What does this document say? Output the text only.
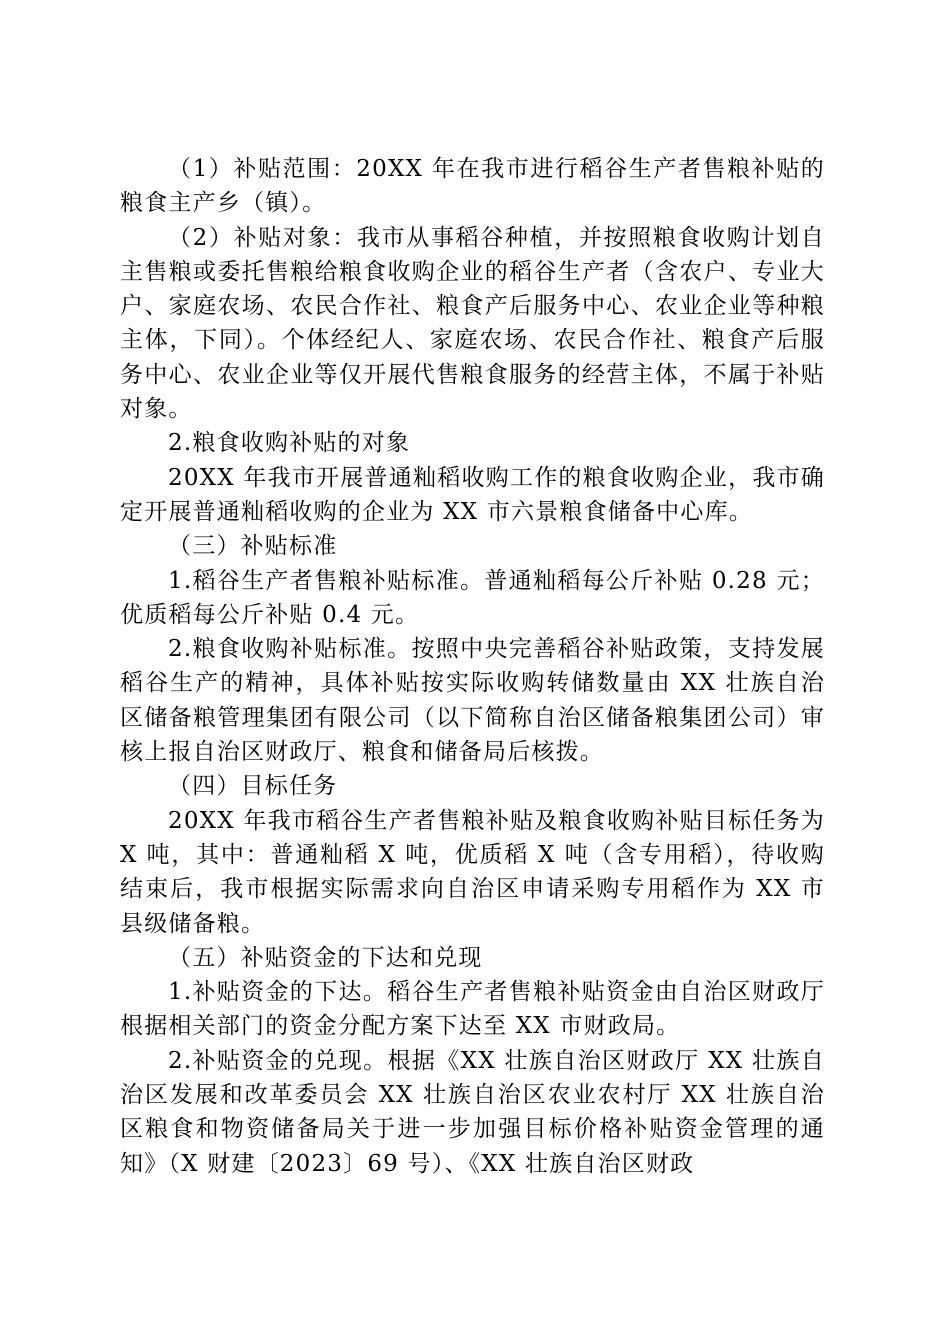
（1）补贴范围：20XX 年在我市进行稻谷生产者售粮补贴的粮食主产乡（镇）。

（2）补贴对象：我市从事稻谷种植，并按照粮食收购计划自主售粮或委托售粮给粮食收购企业的稻谷生产者（含农户、专业大户、家庭农场、农民合作社、粮食产后服务中心、农业企业等种粮主体，下同）。个体经纪人、家庭农场、农民合作社、粮食产后服务中心、农业企业等仅开展代售粮食服务的经营主体，不属于补贴对象。

2.粮食收购补贴的对象

20XX 年我市开展普通籼稻收购工作的粮食收购企业，我市确定开展普通籼稻收购的企业为 XX 市六景粮食储备中心库。

（三）补贴标准

1.稻谷生产者售粮补贴标准。普通籼稻每公斤补贴 0.28 元；优质稻每公斤补贴 0.4 元。

2.粮食收购补贴标准。按照中央完善稻谷补贴政策，支持发展稻谷生产的精神，具体补贴按实际收购转储数量由 XX 壮族自治区储备粮管理集团有限公司（以下简称自治区储备粮集团公司）审核上报自治区财政厅、粮食和储备局后核拨。

（四）目标任务

20XX 年我市稻谷生产者售粮补贴及粮食收购补贴目标任务为 X 吨，其中：普通籼稻 X 吨，优质稻 X 吨（含专用稻），待收购结束后，我市根据实际需求向自治区申请采购专用稻作为 XX 市县级储备粮。

（五）补贴资金的下达和兑现

1.补贴资金的下达。稻谷生产者售粮补贴资金由自治区财政厅根据相关部门的资金分配方案下达至 XX 市财政局。

2.补贴资金的兑现。根据《XX 壮族自治区财政厅 XX 壮族自治区发展和改革委员会 XX 壮族自治区农业农村厅 XX 壮族自治区粮食和物资储备局关于进一步加强目标价格补贴资金管理的通知》（X 财建〔2023〕69 号）、《XX 壮族自治区财政
